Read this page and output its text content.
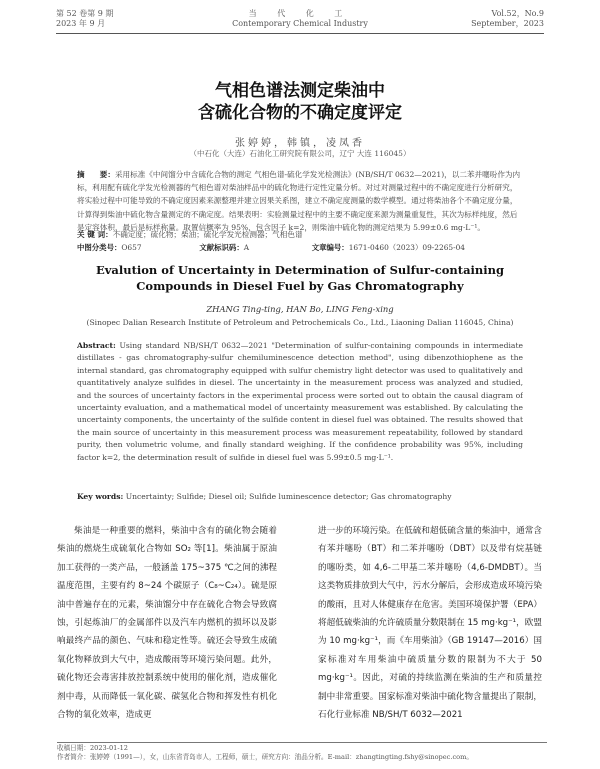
第 52 卷第 9 期
2023 年 9 月
当 代 化 工
Contemporary Chemical Industry
Vol.52，No.9
September，2023
气相色谱法测定柴油中
含硫化合物的不确定度评定
张婷婷，韩镇，凌凤香
（中石化（大连）石油化工研究院有限公司，辽宁 大连 116045）
摘　　要：采用标准《中间馏分中含硫化合物的测定 气相色谱-硫化学发光检测法》(NB/SH/T 0632—2021)，以二苯并噻吩作为内标，利用配有硫化学发光检测器的气相色谱对柴油样品中的硫化物进行定性定量分析。对过对测量过程中的不确定度进行分析研究，将实验过程中可能导致的不确定度因素来源整理并建立因果关系图，建立不确定度测量的数学模型。通过将柴油各个不确定度分量，计算得到柴油中硫化物含量测定的不确定度。结果表明：实验测量过程中的主要不确定度来源为测量重复性，其次为标样纯度，然后是定容体积，最后是标样称量。取置信概率为 95%，包含因子 k=2，则柴油中硫化物的测定结果为 5.99±0.6 mg·L⁻¹。
关 键 词：不确定度；硫化物；柴油；硫化学发光检测器；气相色谱
中图分类号：O657	文献标识码：A	文章编号：1671-0460（2023）09-2265-04
Evalution of Uncertainty in Determination of Sulfur-containing
Compounds in Diesel Fuel by Gas Chromatography
ZHANG Ting-ting, HAN Bo, LING Feng-xing
(Sinopec Dalian Research Institute of Petroleum and Petrochemicals Co., Ltd., Liaoning Dalian 116045, China)
Abstract: Using standard NB/SH/T 0632—2021 "Determination of sulfur-containing compounds in intermediate distillates - gas chromatography-sulfur chemiluminescence detection method", using dibenzothiophene as the internal standard, gas chromatography equipped with sulfur chemistry light detector was used to qualitatively and quantitatively analyze sulfides in diesel. The uncertainty in the measurement process was analyzed and studied, and the sources of uncertainty factors in the experimental process were sorted out to obtain the causal diagram of uncertainty evaluation, and a mathematical model of uncertainty measurement was established. By calculating the uncertainty components, the uncertainty of the sulfide content in diesel fuel was obtained. The results showed that the main source of uncertainty in this measurement process was measurement repeatability, followed by standard purity, then volumetric volume, and finally standard weighing. If the confidence probability was 95%, including factor k=2, the determination result of sulfide in diesel fuel was 5.99±0.5 mg·L⁻¹.
Key words: Uncertainty; Sulfide; Diesel oil; Sulfide luminescence detector; Gas chromatography
柴油是一种重要的燃料，柴油中含有的硫化物会随着柴油的燃烧生成硫氧化合物如 SO₂ 等[1]。柴油属于原油加工获得的一类产品，一般涵盖 175~375 ℃之间的沸程温度范围，主要有约 8~24 个碳原子（C₈~C₂₄）。硫是原油中普遍存在的元素，柴油馏分中存在硫化合物会导致腐蚀，引起炼油厂的金属部件以及汽车内燃机的损坏以及影响最终产品的颜色、气味和稳定性等。硫还会导致生成硫氧化物释放到大气中，造成酸雨等环境污染问题。此外，硫化物还会毒害排放控制系统中使用的催化剂，造成催化剂中毒，从而降低一氧化碳、碳氢化合物和挥发性有机化合物的氧化效率，造成更
进一步的环境污染。在低硫和超低硫含量的柴油中，通常含有苯并噻吩（BT）和二苯并噻吩（DBT）以及带有烷基链的噻吩类，如 4,6-二甲基二苯并噻吩（4,6-DMDBT）。当这类物质排放到大气中，污水分解后，会形成造成环境污染的酸雨，且对人体健康存在危害。美国环境保护署（EPA）将超低硫柴油的允许硫质量分数限制在 15 mg·kg⁻¹，欧盟为 10 mg·kg⁻¹，而《车用柴油》（GB 19147—2016）国家标准对车用柴油中硫质量分数的限制为不大于 50 mg·kg⁻¹。因此，对硫的持续监测在柴油的生产和质量控制中非常重要。国家标准对柴油中硫化物含量提出了限制，石化行业标准 NB/SH/T 6032—2021
收稿日期：2023-01-12
作者简介：张婷婷（1991—），女，山东省青岛市人，工程师，硕士，研究方向：油品分析。E-mail：zhangtingting.fshy@sinopec.com。
